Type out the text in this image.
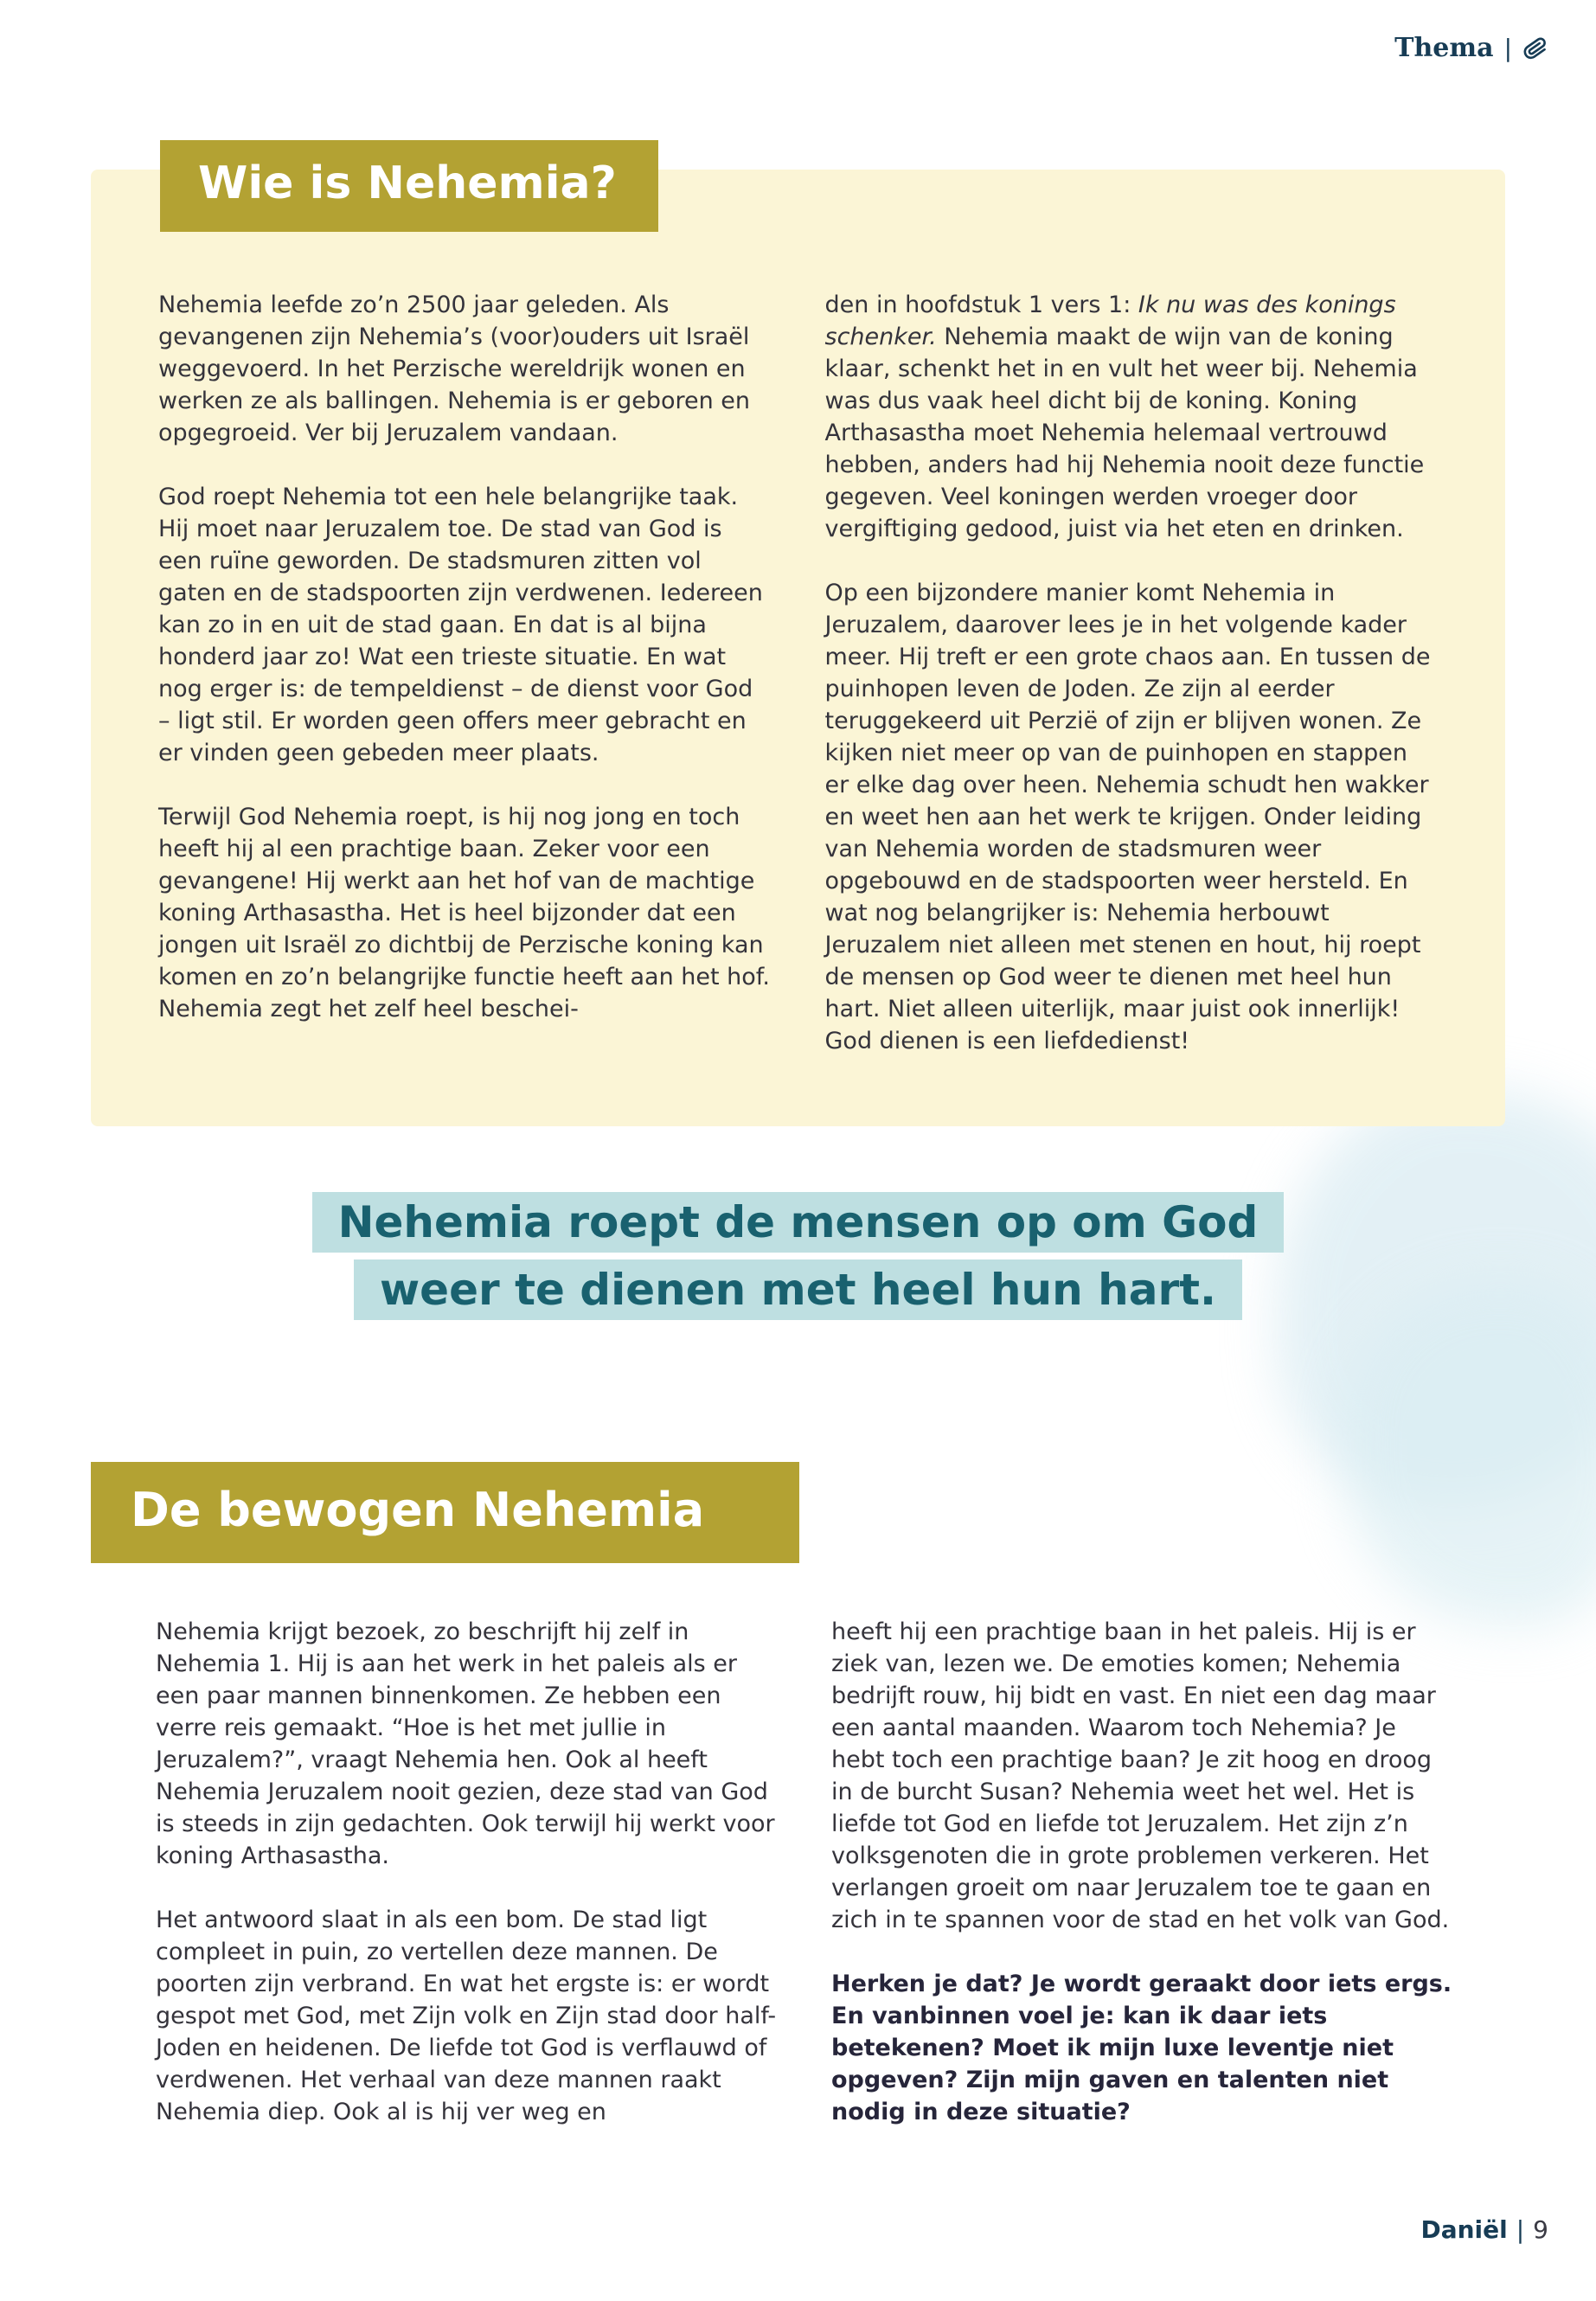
Thema |
Wie is Nehemia?

Nehemia leefde zo’n 2500 jaar geleden. Als gevangenen zijn Nehemia’s (voor)ouders uit Israël weggevoerd. In het Perzische wereldrijk wonen en werken ze als ballingen. Nehemia is er geboren en opgegroeid. Ver bij Jeruzalem vandaan.

God roept Nehemia tot een hele belangrijke taak. Hij moet naar Jeruzalem toe. De stad van God is een ruïne geworden. De stadsmuren zitten vol gaten en de stadspoorten zijn verdwenen. Iedereen kan zo in en uit de stad gaan. En dat is al bijna honderd jaar zo! Wat een trieste situatie. En wat nog erger is: de tempeldienst – de dienst voor God – ligt stil. Er worden geen offers meer gebracht en er vinden geen gebeden meer plaats.

Terwijl God Nehemia roept, is hij nog jong en toch heeft hij al een prachtige baan. Zeker voor een gevangene! Hij werkt aan het hof van de machtige koning Arthasastha. Het is heel bijzonder dat een jongen uit Israël zo dichtbij de Perzische koning kan komen en zo’n belangrijke functie heeft aan het hof. Nehemia zegt het zelf heel beschei-

den in hoofdstuk 1 vers 1: Ik nu was des konings schenker. Nehemia maakt de wijn van de koning klaar, schenkt het in en vult het weer bij. Nehemia was dus vaak heel dicht bij de koning. Koning Arthasastha moet Nehemia helemaal vertrouwd hebben, anders had hij Nehemia nooit deze functie gegeven. Veel koningen werden vroeger door vergiftiging gedood, juist via het eten en drinken.

Op een bijzondere manier komt Nehemia in Jeruzalem, daarover lees je in het volgende kader meer. Hij treft er een grote chaos aan. En tussen de puinhopen leven de Joden. Ze zijn al eerder teruggekeerd uit Perzië of zijn er blijven wonen. Ze kijken niet meer op van de puinhopen en stappen er elke dag over heen. Nehemia schudt hen wakker en weet hen aan het werk te krijgen. Onder leiding van Nehemia worden de stadsmuren weer opgebouwd en de stadspoorten weer hersteld. En wat nog belangrijker is: Nehemia herbouwt Jeruzalem niet alleen met stenen en hout, hij roept de mensen op God weer te dienen met heel hun hart. Niet alleen uiterlijk, maar juist ook innerlijk! God dienen is een liefdedienst!

Nehemia roept de mensen op om God
weer te dienen met heel hun hart.
De bewogen Nehemia

Nehemia krijgt bezoek, zo beschrijft hij zelf in Nehemia 1. Hij is aan het werk in het paleis als er een paar mannen binnenkomen. Ze hebben een verre reis gemaakt. “Hoe is het met jullie in Jeruzalem?”, vraagt Nehemia hen. Ook al heeft Nehemia Jeruzalem nooit gezien, deze stad van God is steeds in zijn gedachten. Ook terwijl hij werkt voor koning Arthasastha.

Het antwoord slaat in als een bom. De stad ligt compleet in puin, zo vertellen deze mannen. De poorten zijn verbrand. En wat het ergste is: er wordt gespot met God, met Zijn volk en Zijn stad door half-Joden en heidenen. De liefde tot God is verflauwd of verdwenen. Het verhaal van deze mannen raakt Nehemia diep. Ook al is hij ver weg en

heeft hij een prachtige baan in het paleis. Hij is er ziek van, lezen we. De emoties komen; Nehemia bedrijft rouw, hij bidt en vast. En niet een dag maar een aantal maanden. Waarom toch Nehemia? Je hebt toch een prachtige baan? Je zit hoog en droog in de burcht Susan? Nehemia weet het wel. Het is liefde tot God en liefde tot Jeruzalem. Het zijn z’n volksgenoten die in grote problemen verkeren. Het verlangen groeit om naar Jeruzalem toe te gaan en zich in te spannen voor de stad en het volk van God.

Herken je dat? Je wordt geraakt door iets ergs. En vanbinnen voel je: kan ik daar iets betekenen? Moet ik mijn luxe leventje niet opgeven? Zijn mijn gaven en talenten niet nodig in deze situatie?

Daniël | 9
